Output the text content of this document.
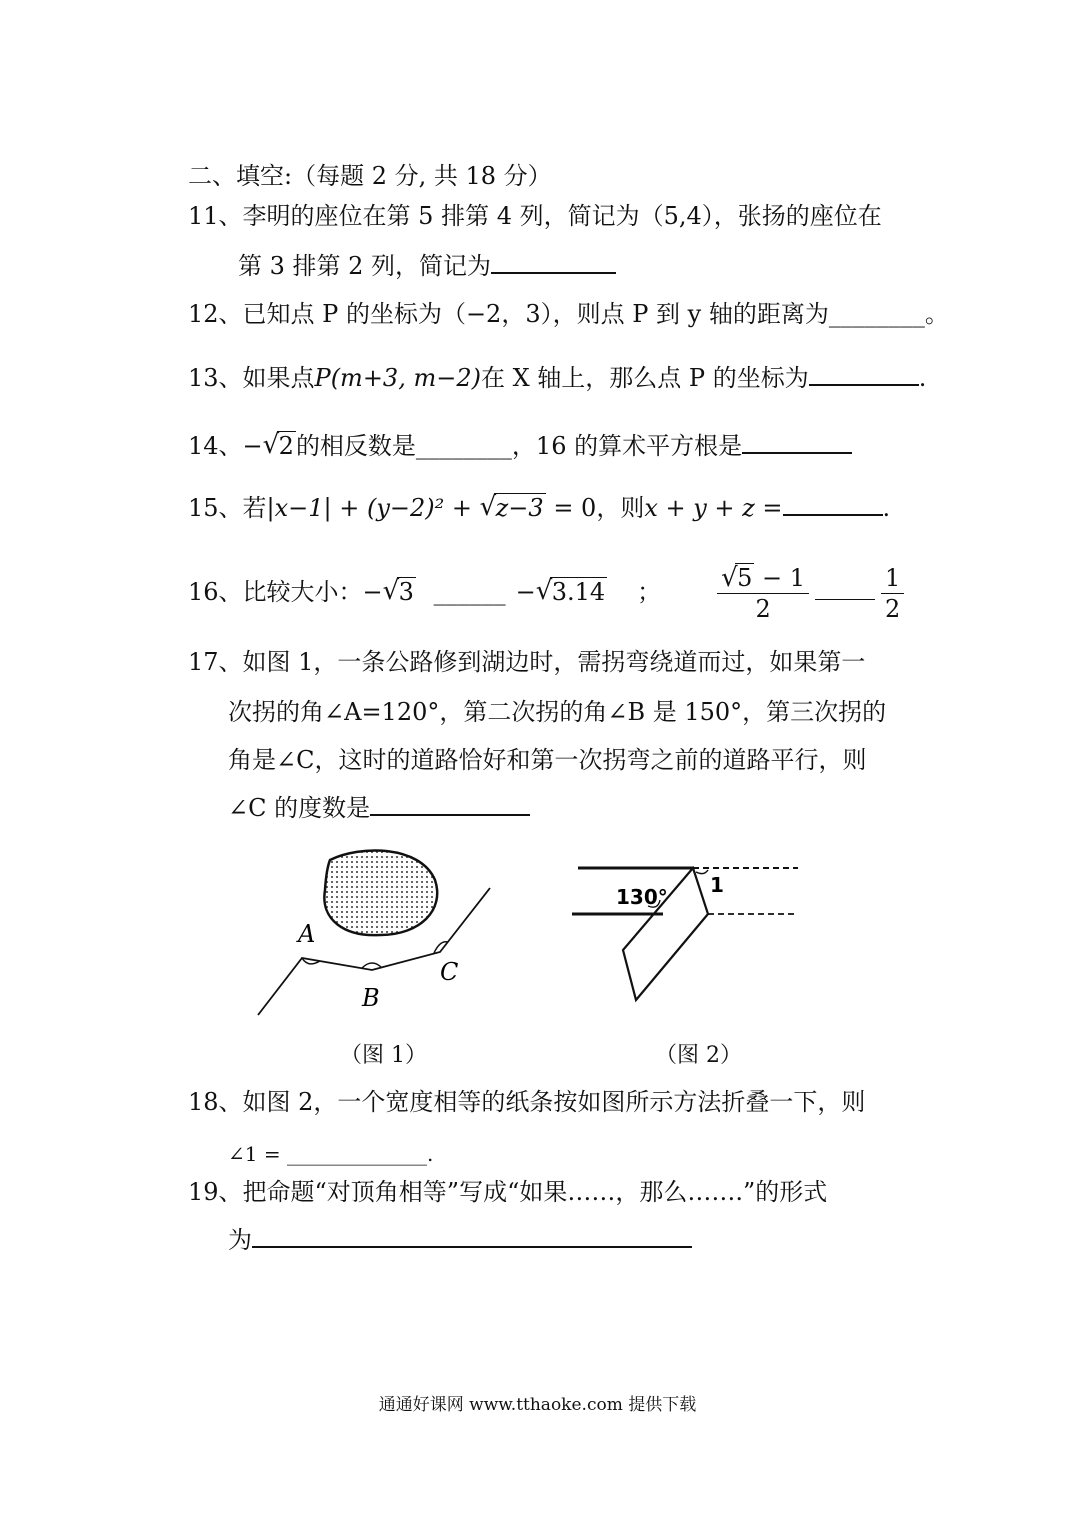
二、填空:（每题 2 分, 共 18 分）
11、李明的座位在第 5 排第 4 列，简记为（5,4），张扬的座位在
第 3 排第 2 列，简记为
12、已知点 P 的坐标为（−2，3），则点 P 到 y 轴的距离为________。
13、如果点P(m+3, m−2)在 X 轴上，那么点 P 的坐标为	.
14、− √ 2的相反数是________，16 的算术平方根是
15、若|x−1| + (y−2)² + √ z−3 = 0，则x + y + z =	.
16、比较大小：− √ 3 ______ − √ 3.14 ； $\frac{√ 5 - 1}{2}$	$\frac{1}{2}$
17、如图 1，一条公路修到湖边时，需拐弯绕道而过，如果第一
次拐的角∠A=120°，第二次拐的角∠B 是 150°，第三次拐的
角是∠C，这时的道路恰好和第一次拐弯之前的道路平行，则
∠C 的度数是
A
B
C
（图 1）
130° 1
（图 2）
18、如图 2，一个宽度相等的纸条按如图所示方法折叠一下，则
∠1 = ______________.
19、把命题“对顶角相等”写成“如果……，那么…….”的形式
为
通通好课网 www.tthaoke.com 提供下载
